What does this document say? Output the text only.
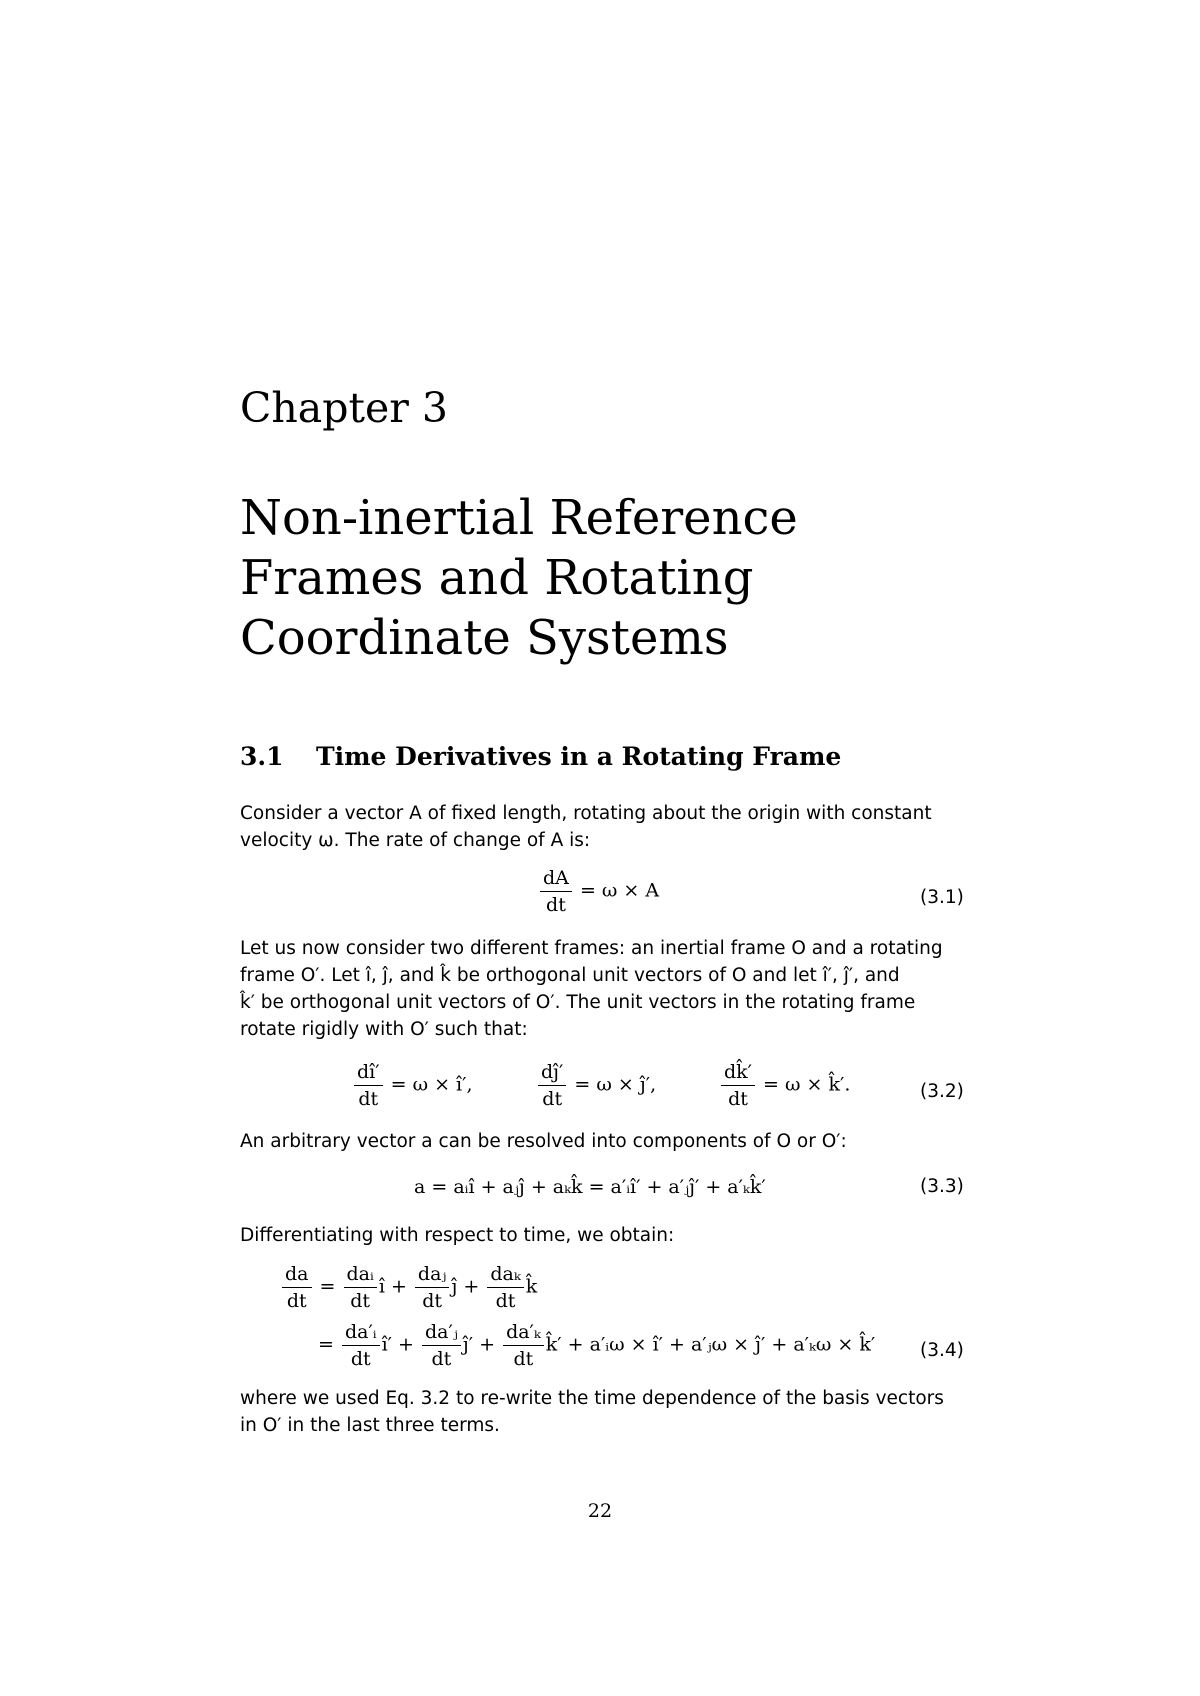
Chapter 3
Non-inertial Reference
Frames and Rotating
Coordinate Systems
3.1 Time Derivatives in a Rotating Frame
Consider a vector A of fixed length, rotating about the origin with constant
velocity ω. The rate of change of A is:
$\frac{dA}{dt} = \omega \times A$	(3.1)
Let us now consider two different frames: an inertial frame O and a rotating
frame O′. Let î, ĵ, and k̂ be orthogonal unit vectors of O and let î′, ĵ′, and
k̂′ be orthogonal unit vectors of O′. The unit vectors in the rotating frame
rotate rigidly with O′ such that:
$\frac{dî'}{dt} = \omega$ × î′,	$\frac{dĵ'}{dt} = \omega$ × ĵ′,	$\frac{dk̂'}{dt} = \omega$ × k̂′.	(3.2)
An arbitrary vector a can be resolved into components of O or O′:
a = aᵢî + aⱼĵ + aₖk̂ = a′ᵢî′ + a′ⱼĵ′ + a′ₖk̂′	(3.3)
Differentiating with respect to time, we obtain:
$\frac{da}{dt} = \frac{\text{daᵢ}}{dt}$ î + $\frac{\text{daⱼ}}{dt}$ ĵ + $\frac{\text{daₖ}}{dt}$ k̂
= $\frac{\text{da′ᵢ}}{dt}$ î′ + $\frac{\text{da′ⱼ}}{dt}$ ĵ′ + $\frac{\text{da′ₖ}}{dt}$ k̂′ + a′ᵢω × î′ + a′ⱼω × ĵ′ + a′ₖω × k̂′ (3.4)
where we used Eq. 3.2 to re-write the time dependence of the basis vectors
in O′ in the last three terms.
22
